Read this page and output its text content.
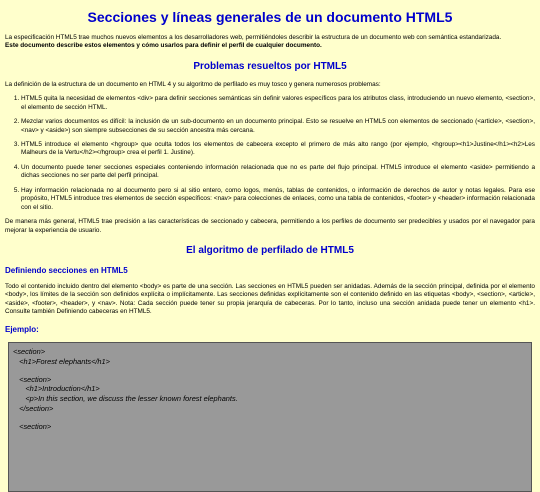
Secciones y líneas generales de un documento HTML5

La especificación HTML5 trae muchos nuevos elementos a los desarrolladores web, permitiéndoles describir la estructura de un documento web con semántica estandarizada.
Este documento describe estos elementos y cómo usarlos para definir el perfil de cualquier documento.

Problemas resueltos por HTML5

La definición de la estructura de un documento en HTML 4 y su algoritmo de perfilado es muy tosco y genera numerosos problemas:

1. HTML5 quita la necesidad de elementos <div> para definir secciones semánticas sin definir valores específicos para los atributos class, introduciendo un nuevo elemento, <section>, el elemento de sección HTML.
2. Mezclar varios documentos es difícil: la inclusión de un sub-documento en un documento principal. Esto se resuelve en HTML5 con elementos de seccionado (<article>, <section>, <nav> y <aside>) son siempre subsecciones de su sección ancestra más cercana.
3. HTML5 introduce el elemento <hgroup> que oculta todos los elementos de cabecera excepto el primero de más alto rango (por ejemplo, <hgroup><h1>Justine</h1><h2>Les Malheurs de la Vertu</h2></hgroup> crea el perfil 1. Justine).
4. Un documento puede tener secciones especiales conteniendo información relacionada que no es parte del flujo principal. HTML5 introduce el elemento <aside> permitiendo a dichas secciones no ser parte del perfil principal.
5. Hay información relacionada no al documento pero si al sitio entero, como logos, menús, tablas de contenidos, o información de derechos de autor y notas legales. Para ese propósito, HTML5 introduce tres elementos de sección específicos: <nav> para colecciones de enlaces, como una tabla de contenidos, <footer> y <header> información relacionada con el sitio.

De manera más general, HTML5 trae precisión a las características de seccionado y cabecera, permitiendo a los perfiles de documento ser predecibles y usados por el navegador para mejorar la experiencia de usuario.

El algoritmo de perfilado de HTML5
Definiendo secciones en HTML5

Todo el contenido incluido dentro del elemento <body> es parte de una sección. Las secciones en HTML5 pueden ser anidadas. Además de la sección principal, definida por el elemento <body>, los límites de la sección son definidos explícita o implícitamente. Las secciones definidas explícitamente son el contenido definido en las etiquetas <body>, <section>, <article>, <aside>, <footer>, <header>, y <nav>. Nota: Cada sección puede tener su propia jerarquía de cabeceras. Por lo tanto, incluso una sección anidada puede tener un elemento <h1>. Consulte también Definiendo cabeceras en HTML5.

Ejemplo:
<section>
<h1>Forest elephants</h1>
<section>
<h1>Introduction</h1>
<p>In this section, we discuss the lesser known forest elephants.
</section>
<section>
